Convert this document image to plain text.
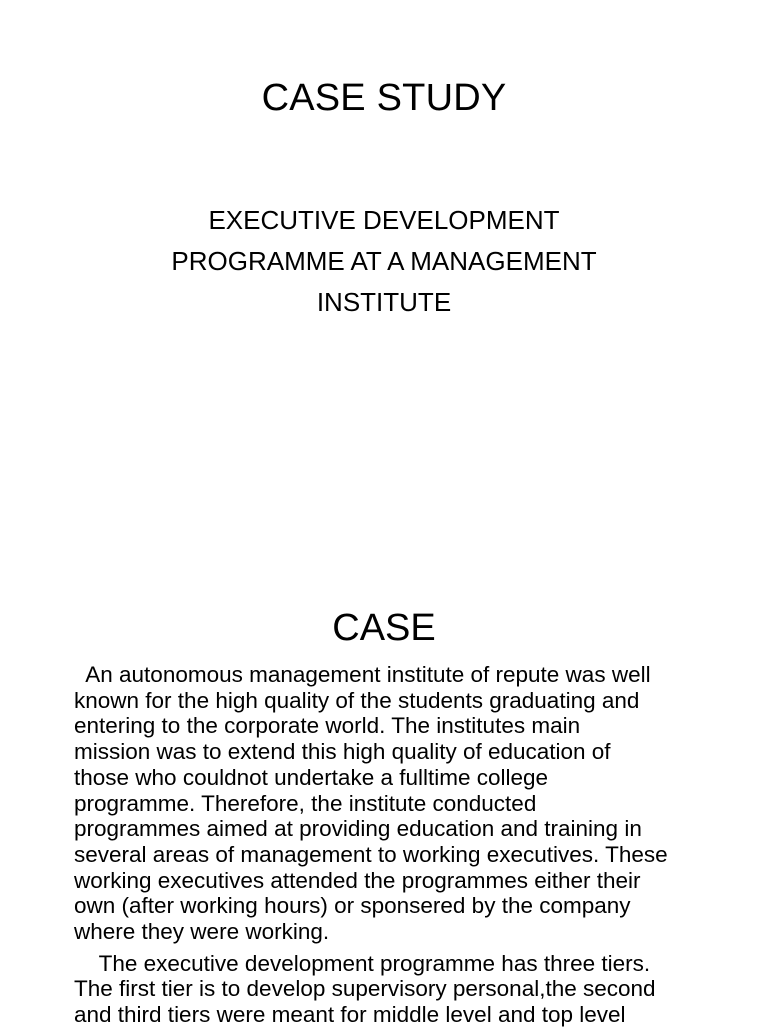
CASE STUDY
EXECUTIVE DEVELOPMENT
PROGRAMME AT A MANAGEMENT
INSTITUTE
CASE

An autonomous management institute of repute was well
known for the high quality of the students graduating and
entering to the corporate world. The institutes main
mission was to extend this high quality of education of
those who couldnot undertake a fulltime college
programme. Therefore, the institute conducted
programmes aimed at providing education and training in
several areas of management to working executives. These
working executives attended the programmes either their
own (after working hours) or sponsered by the company
where they were working.

The executive development programme has three tiers.
The first tier is to develop supervisory personal,the second
and third tiers were meant for middle level and top level
